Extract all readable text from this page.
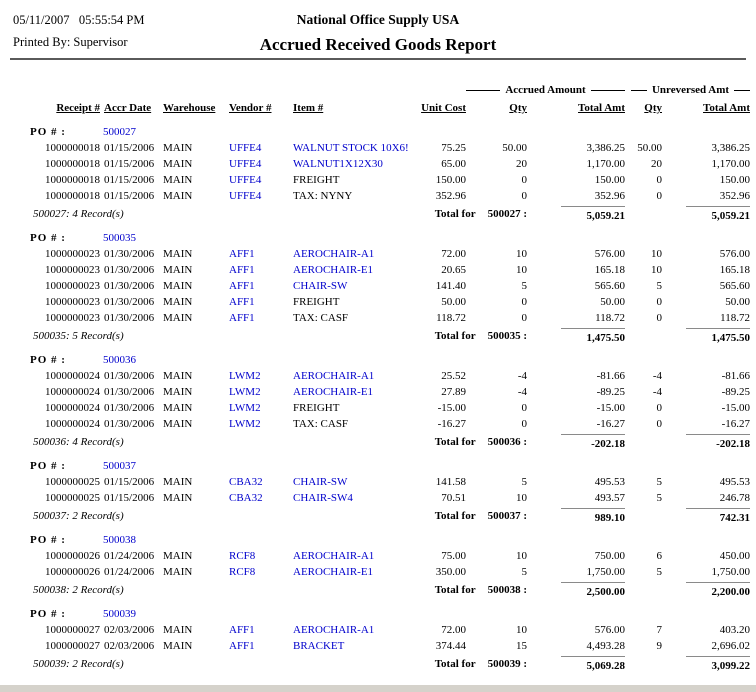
05/11/2007   05:55:54 PM
Printed By: Supervisor
National Office Supply USA
Accrued Received Goods Report
Accrued Amount	Unreversed Amt
Receipt # Accr Date	Warehouse	Vendor #	Item #	Unit Cost	Qty	Total Amt	Qty	Total Amt
PO # :	500027
1000000018 01/15/2006 MAIN	UFFE4	WALNUT STOCK 10X6!	75.25	50.00	3,386.25	50.00	3,386.25
1000000018 01/15/2006 MAIN	UFFE4	WALNUT1X12X30	65.00	20	1,170.00	20	1,170.00
1000000018 01/15/2006 MAIN	UFFE4	FREIGHT	150.00	0	150.00	0	150.00
1000000018 01/15/2006 MAIN	UFFE4	TAX: NYNY	352.96	0	352.96	0	352.96
500027: 4 Record(s)	Total for 500027 :	5,059.21	5,059.21
PO # :	500035
1000000023 01/30/2006 MAIN	AFF1	AEROCHAIR-A1	72.00	10	576.00	10	576.00
1000000023 01/30/2006 MAIN	AFF1	AEROCHAIR-E1	20.65	10	165.18	10	165.18
1000000023 01/30/2006 MAIN	AFF1	CHAIR-SW	141.40	5	565.60	5	565.60
1000000023 01/30/2006 MAIN	AFF1	FREIGHT	50.00	0	50.00	0	50.00
1000000023 01/30/2006 MAIN	AFF1	TAX: CASF	118.72	0	118.72	0	118.72
500035: 5 Record(s)	Total for 500035 :	1,475.50	1,475.50
PO # :	500036
1000000024 01/30/2006 MAIN	LWM2	AEROCHAIR-A1	25.52	-4	-81.66	-4	-81.66
1000000024 01/30/2006 MAIN	LWM2	AEROCHAIR-E1	27.89	-4	-89.25	-4	-89.25
1000000024 01/30/2006 MAIN	LWM2	FREIGHT	-15.00	0	-15.00	0	-15.00
1000000024 01/30/2006 MAIN	LWM2	TAX: CASF	-16.27	0	-16.27	0	-16.27
500036: 4 Record(s)	Total for 500036 :	-202.18	-202.18
PO # :	500037
1000000025 01/15/2006 MAIN	CBA32	CHAIR-SW	141.58	5	495.53	5	495.53
1000000025 01/15/2006 MAIN	CBA32	CHAIR-SW4	70.51	10	493.57	5	246.78
500037: 2 Record(s)	Total for 500037 :	989.10	742.31
PO # :	500038
1000000026 01/24/2006 MAIN	RCF8	AEROCHAIR-A1	75.00	10	750.00	6	450.00
1000000026 01/24/2006 MAIN	RCF8	AEROCHAIR-E1	350.00	5	1,750.00	5	1,750.00
500038: 2 Record(s)	Total for 500038 :	2,500.00	2,200.00
PO # :	500039
1000000027 02/03/2006 MAIN	AFF1	AEROCHAIR-A1	72.00	10	576.00	7	403.20
1000000027 02/03/2006 MAIN	AFF1	BRACKET	374.44	15	4,493.28	9	2,696.02
500039: 2 Record(s)	Total for 500039 :	5,069.28	3,099.22
